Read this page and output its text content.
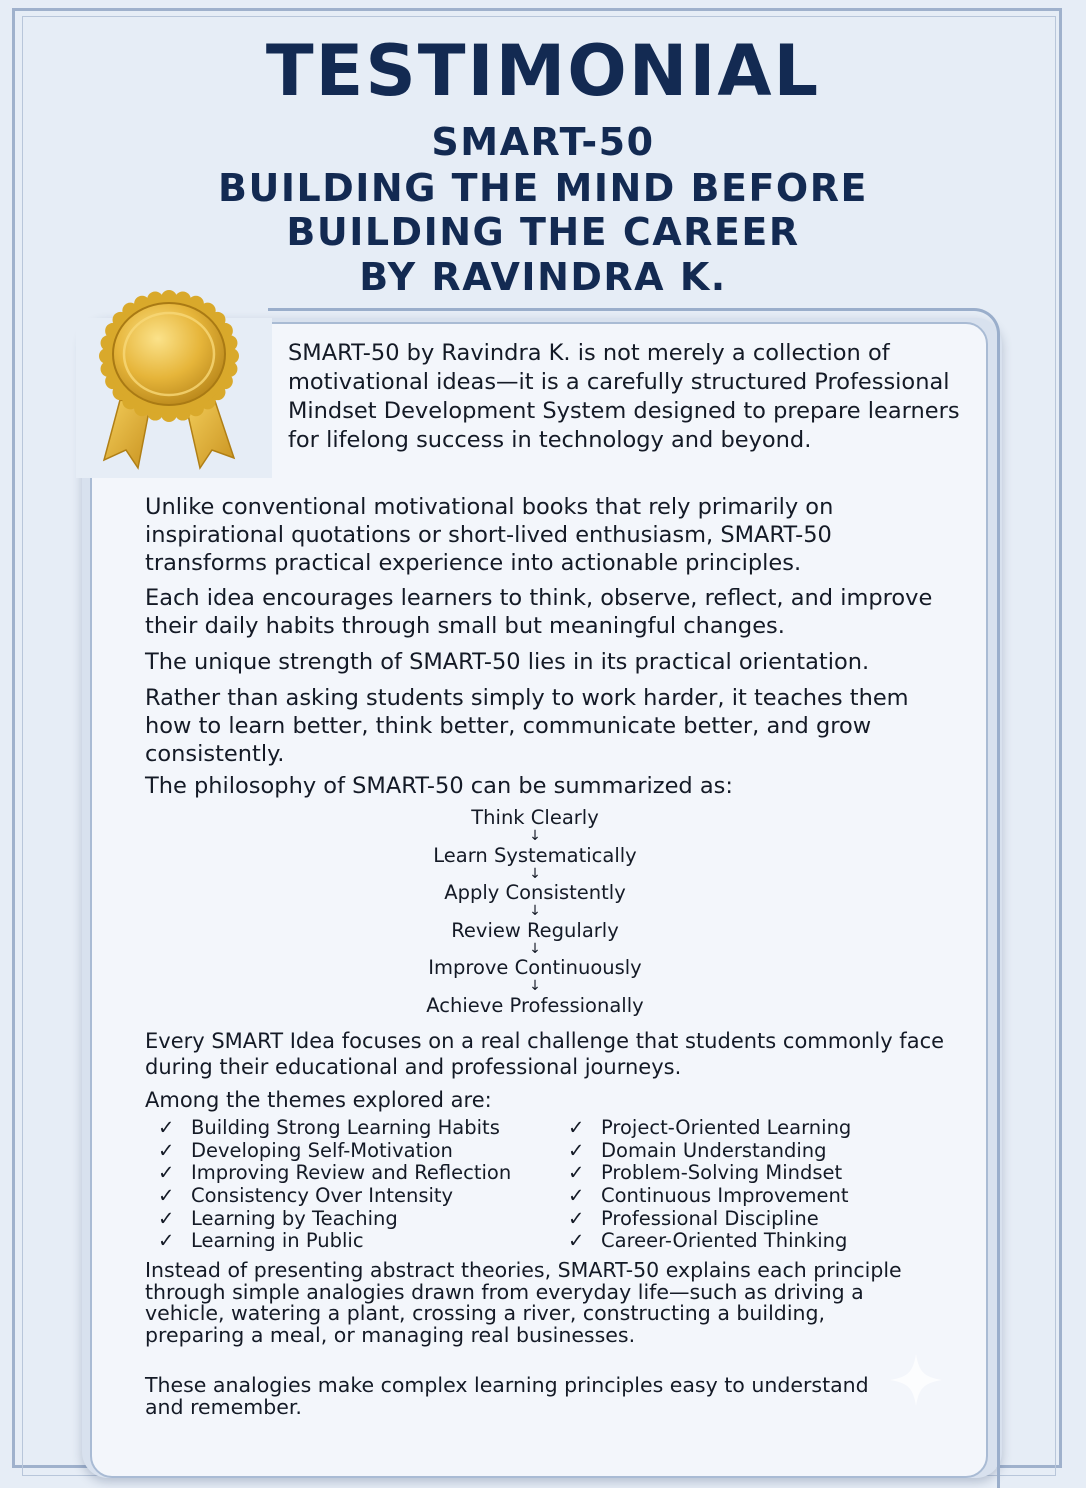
TESTIMONIAL
SMART-50
BUILDING THE MIND BEFORE
BUILDING THE CAREER
BY RAVINDRA K.

SMART-50 by Ravindra K. is not merely a collection of motivational ideas—it is a carefully structured Professional Mindset Development System designed to prepare learners for lifelong success in technology and beyond.

Unlike conventional motivational books that rely primarily on inspirational quotations or short-lived enthusiasm, SMART-50 transforms practical experience into actionable principles.

Each idea encourages learners to think, observe, reflect, and improve their daily habits through small but meaningful changes.

The unique strength of SMART-50 lies in its practical orientation.

Rather than asking students simply to work harder, it teaches them how to learn better, think better, communicate better, and grow consistently.

The philosophy of SMART-50 can be summarized as:

Think Clearly
↓
Learn Systematically
↓
Apply Consistently
↓
Review Regularly
↓
Improve Continuously
↓
Achieve Professionally

Every SMART Idea focuses on a real challenge that students commonly face during their educational and professional journeys.

Among the themes explored are:

✓ Building Strong Learning Habits
✓ Developing Self-Motivation
✓ Improving Review and Reflection
✓ Consistency Over Intensity
✓ Learning by Teaching
✓ Learning in Public
✓ Project-Oriented Learning
✓ Domain Understanding
✓ Problem-Solving Mindset
✓ Continuous Improvement
✓ Professional Discipline
✓ Career-Oriented Thinking

Instead of presenting abstract theories, SMART-50 explains each principle through simple analogies drawn from everyday life—such as driving a vehicle, watering a plant, crossing a river, constructing a building, preparing a meal, or managing real businesses.

These analogies make complex learning principles easy to understand and remember.
